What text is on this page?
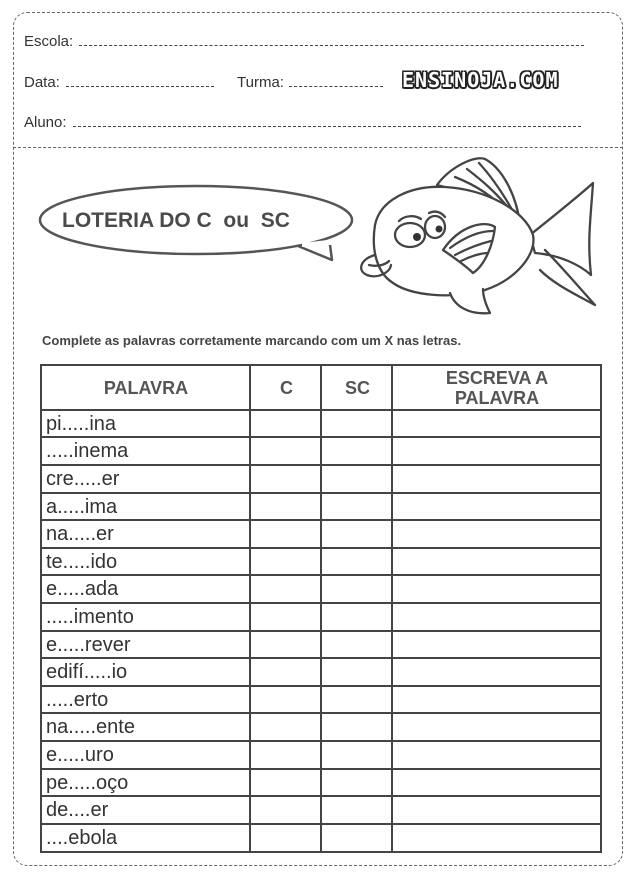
Escola:
Data:	Turma:	ENSINOJA.COM
Aluno:
LOTERIA DO C  ou  SC
Complete as palavras corretamente marcando com um X nas letras.
PALAVRA	C	SC	ESCREVA A
PALAVRA
pi.....ina
.....inema
cre.....er
a.....ima
na.....er
te.....ido
e.....ada
.....imento
e.....rever
edifí.....io
.....erto
na.....ente
e.....uro
pe.....oço
de....er
....ebola
